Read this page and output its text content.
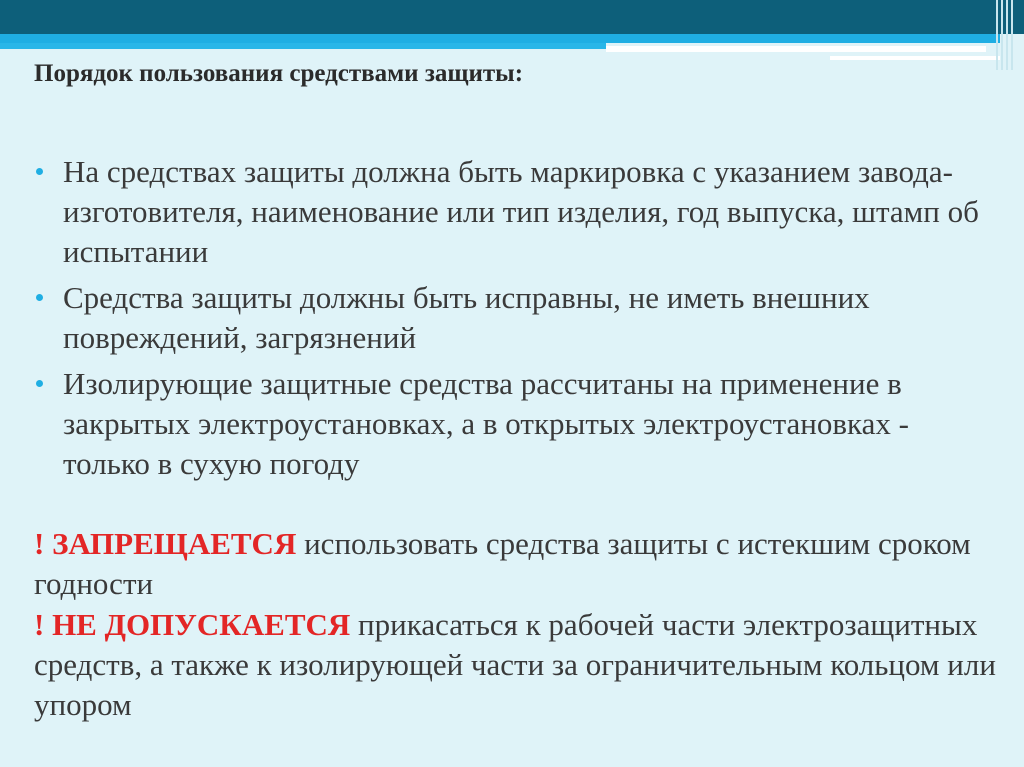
Порядок пользования средствами защиты:
На средствах защиты должна быть маркировка с указанием завода-изготовителя, наименование или тип изделия, год выпуска, штамп об испытании
Средства защиты должны быть исправны, не иметь внешних повреждений, загрязнений
Изолирующие защитные средства рассчитаны на применение в закрытых электроустановках, а в открытых электроустановках - только в сухую погоду

! ЗАПРЕЩАЕТСЯ использовать средства защиты с истекшим сроком годности

! НЕ ДОПУСКАЕТСЯ прикасаться к рабочей части электрозащитных средств, а также к изолирующей части за ограничительным кольцом или упором
